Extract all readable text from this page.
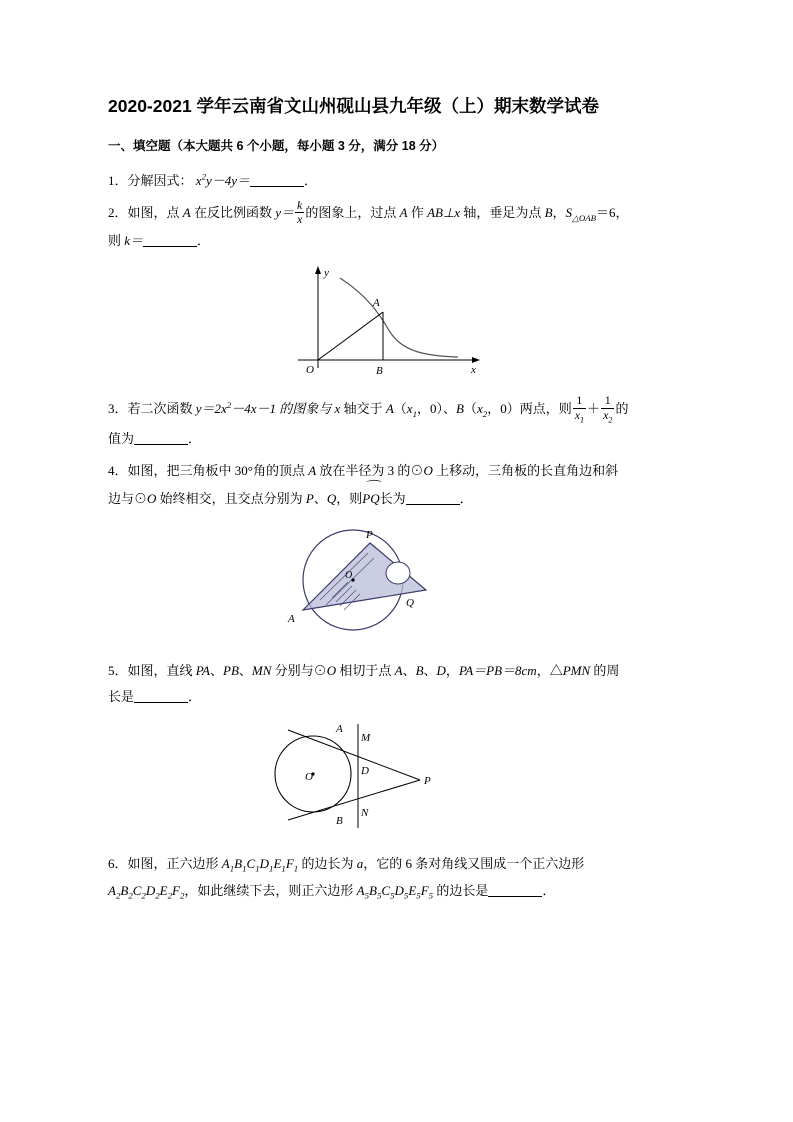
2020-2021 学年云南省文山州砚山县九年级（上）期末数学试卷
一、填空题（本大题共 6 个小题，每小题 3 分，满分 18 分）
1．分解因式： $x^2y-4y=$	．
2．如图，点 A 在反比例函数 $y= \frac{k}{x}$ 的图象上，过点 A 作 AB⊥x 轴，垂足为点 B，$S_{\triangle OAB}=6$，
则 k＝	．
y
x
O
A
B
3．若二次函数 $y=2x^2-4x-1$ 的图象与 x 轴交于 $A(x_1$，0）、$B(x_2$，0）两点，则 $\frac{1}{x_1} + \frac{1}{x_2}$ 的
值为	．
4．如图，把三角板中 30°角的顶点 A 放在半径为 3 的⊙O 上移动，三角板的长直角边和斜
边与⊙O 始终相交，且交点分别为 P、Q，则⌒ PQ长为	．
P
Q
O
A
5．如图，直线 PA、PB、MN 分别与⊙O 相切于点 A、B、D，PA＝PB＝8cm，△PMN 的周
长是	．
A
M
D
P
O
B
N
6．如图，正六边形 $A_1B_1C_1D_1E_1F_1$ 的边长为 a，它的 6 条对角线又围成一个正六边形
$A_2B_2C_2D_2E_2F_2$，如此继续下去，则正六边形 $A_5B_5C_5D_5E_5F_5$ 的边长是	．
